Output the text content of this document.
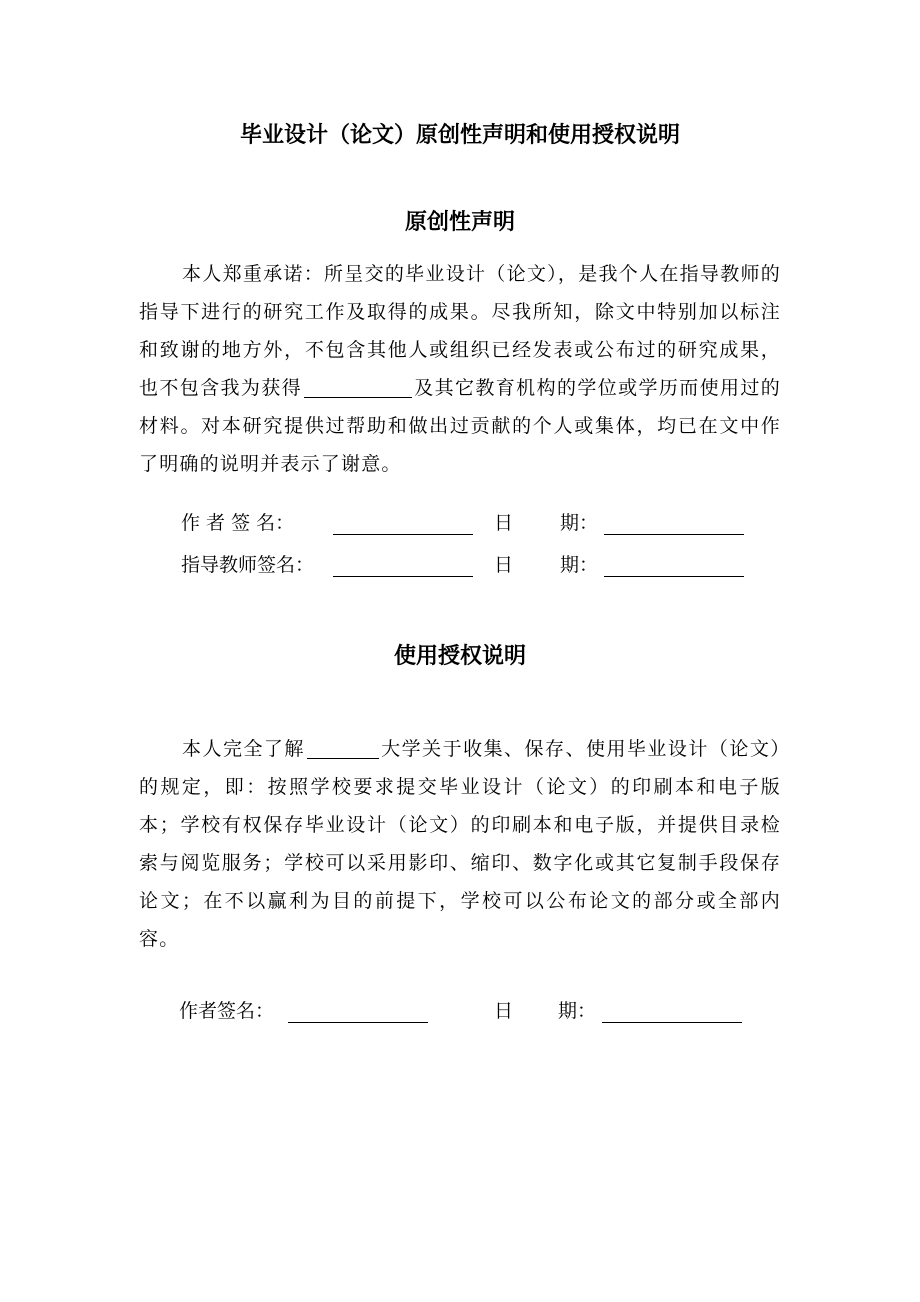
毕业设计（论文）原创性声明和使用授权说明
原创性声明

本人郑重承诺：所呈交的毕业设计（论文），是我个人在指导教师的指导下进行的研究工作及取得的成果。尽我所知，除文中特别加以标注和致谢的地方外，不包含其他人或组织已经发表或公布过的研究成果，也不包含我为获得	及其它教育机构的学位或学历而使用过的材料。对本研究提供过帮助和做出过贡献的个人或集体，均已在文中作了明确的说明并表示了谢意。

作 者 签 名：	日 期：
指导教师签名：	日 期：
使用授权说明

本人完全了解	大学关于收集、保存、使用毕业设计（论文）的规定，即：按照学校要求提交毕业设计（论文）的印刷本和电子版本；学校有权保存毕业设计（论文）的印刷本和电子版，并提供目录检索与阅览服务；学校可以采用影印、缩印、数字化或其它复制手段保存论文；在不以赢利为目的前提下，学校可以公布论文的部分或全部内容。

作者签名：	日 期：
